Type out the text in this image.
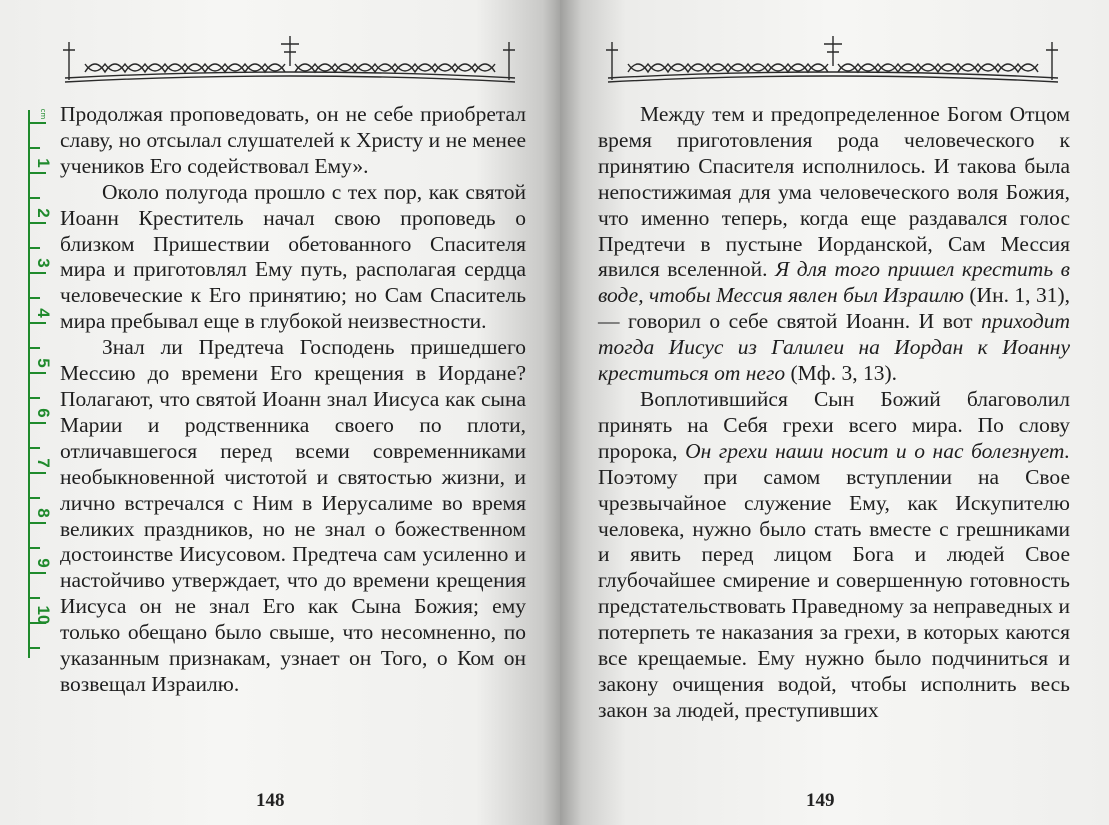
cm
1
2
3
4
5
6
7
8
9
10

Продолжая проповедовать, он не себе приобретал славу, но отсылал слушателей к Христу и не менее учеников Его содействовал Ему».

Около полугода прошло с тех пор, как святой Иоанн Креститель начал свою проповедь о близком Пришествии обетованного Спасителя мира и приготовлял Ему путь, располагая сердца человеческие к Его принятию; но Сам Спаситель мира пребывал еще в глубокой неизвестности.

Знал ли Предтеча Господень пришедшего Мессию до времени Его крещения в Иордане? Полагают, что святой Иоанн знал Иисуса как сына Марии и родственника своего по плоти, отличавшегося перед всеми современниками необыкновенной чистотой и святостью жизни, и лично встречался с Ним в Иерусалиме во время великих праздников, но не знал о божественном достоинстве Иисусовом. Предтеча сам усиленно и настойчиво утверждает, что до времени крещения Иисуса он не знал Его как Сына Божия; ему только обещано было свыше, что несомненно, по указанным признакам, узнает он Того, о Ком он возвещал Израилю.

148

Между тем и предопределенное Богом Отцом время приготовления рода человеческого к принятию Спасителя исполнилось. И такова была непостижимая для ума человеческого воля Божия, что именно теперь, когда еще раздавался голос Предтечи в пустыне Иорданской, Сам Мессия явился вселенной. Я для того пришел крестить в воде, чтобы Мессия явлен был Израилю (Ин. 1, 31), — говорил о себе святой Иоанн. И вот приходит тогда Иисус из Галилеи на Иордан к Иоанну креститься от него (Мф. 3, 13).

Воплотившийся Сын Божий благоволил принять на Себя грехи всего мира. По слову пророка, Он грехи наши носит и о нас болезнует. Поэтому при самом вступлении на Свое чрезвычайное служение Ему, как Искупителю человека, нужно было стать вместе с грешниками и явить перед лицом Бога и людей Свое глубочайшее смирение и совершенную готовность предстательствовать Праведному за неправедных и потерпеть те наказания за грехи, в которых каются все крещаемые. Ему нужно было подчиниться и закону очищения водой, чтобы исполнить весь закон за людей, преступивших

149
